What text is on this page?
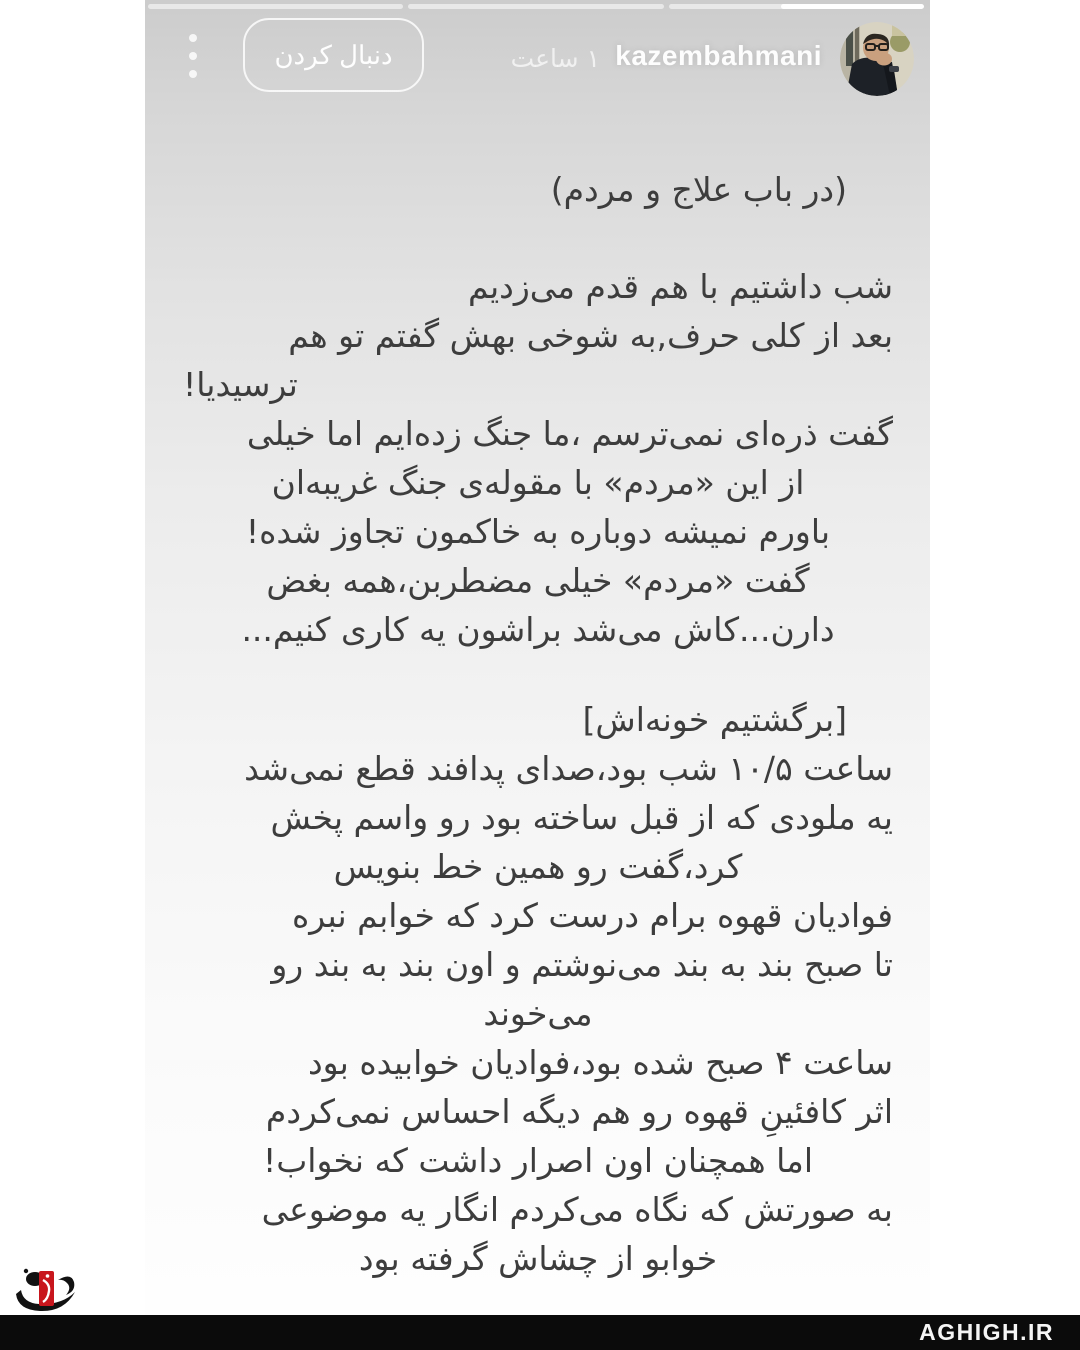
دنبال کردن	۱ ساعت kazembahmani
(در باب علاج و مردم)
شب داشتیم با هم قدم می‌زدیم
بعد از کلی حرف,به شوخی بهش گفتم تو هم
ترسیدیا!
گفت ذره‌ای نمی‌ترسم ،ما جنگ زده‌ایم اما خیلی
از این «مردم» با مقوله‌ی جنگ غریبه‌ان
باورم نمیشه دوباره به خاکمون تجاوز شده!
گفت «مردم» خیلی مضطربن،همه بغض
دارن...کاش می‌شد براشون یه کاری کنیم...
[برگشتیم خونه‌اش]
ساعت ۱۰/۵ شب بود،صدای پدافند قطع نمی‌شد
یه ملودی که از قبل ساخته بود رو واسم پخش
کرد،گفت رو همین خط بنویس
فوادیان قهوه برام درست کرد که خوابم نبره
تا صبح بند به بند می‌نوشتم و اون بند به بند رو
می‌خوند
ساعت ۴ صبح شده بود،فوادیان خوابیده بود
اثر کافئینِ قهوه رو هم دیگه احساس نمی‌کردم
اما همچنان اون اصرار داشت که نخواب!
به صورتش که نگاه می‌کردم انگار یه موضوعی
خوابو از چشاش گرفته بود
AGHIGH.IR
